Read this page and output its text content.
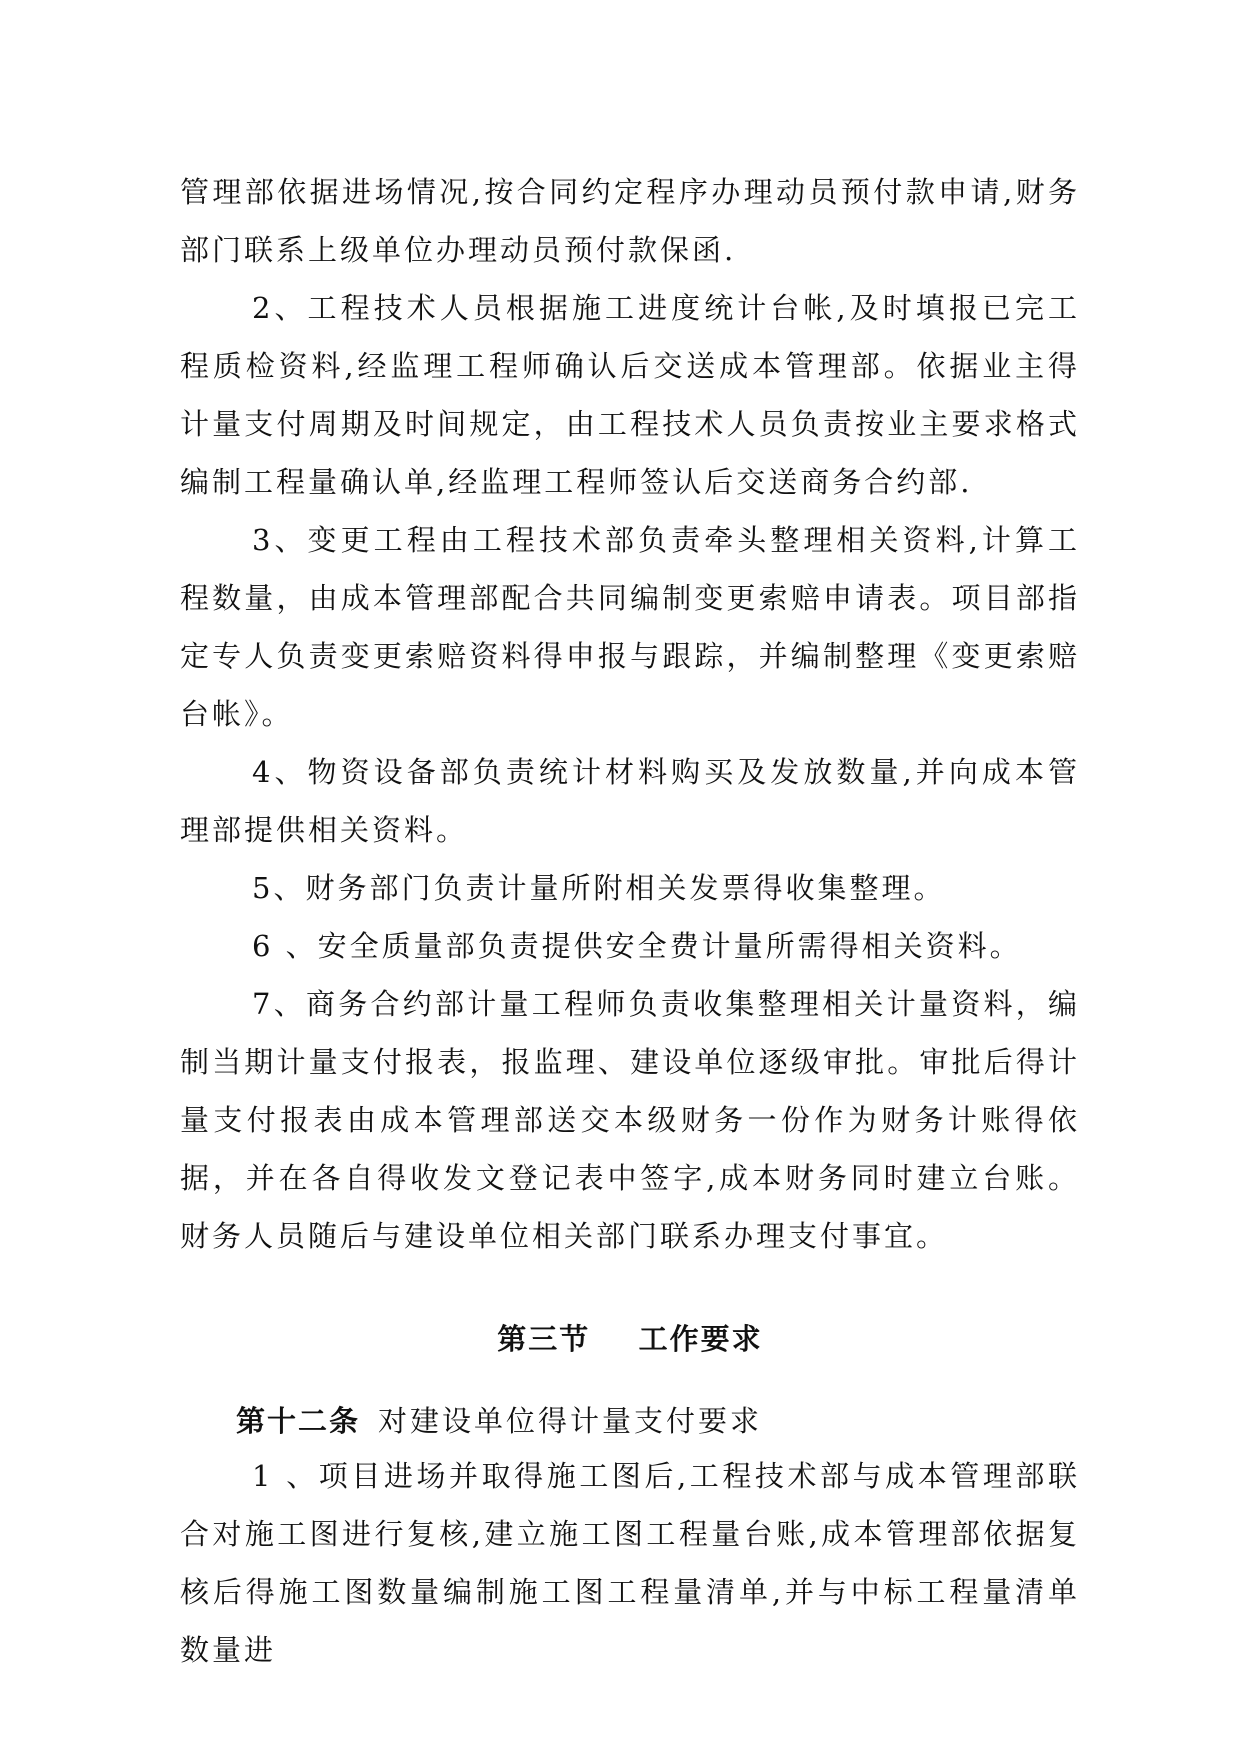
管理部依据进场情况,按合同约定程序办理动员预付款申请,财务部门联系上级单位办理动员预付款保函.

2、工程技术人员根据施工进度统计台帐,及时填报已完工程质检资料,经监理工程师确认后交送成本管理部。依据业主得计量支付周期及时间规定，由工程技术人员负责按业主要求格式编制工程量确认单,经监理工程师签认后交送商务合约部.

3、变更工程由工程技术部负责牵头整理相关资料,计算工程数量，由成本管理部配合共同编制变更索赔申请表。项目部指定专人负责变更索赔资料得申报与跟踪，并编制整理《变更索赔台帐》。

4、物资设备部负责统计材料购买及发放数量,并向成本管理部提供相关资料。

5、财务部门负责计量所附相关发票得收集整理。

6 、安全质量部负责提供安全费计量所需得相关资料。

7、商务合约部计量工程师负责收集整理相关计量资料，编制当期计量支付报表，报监理、建设单位逐级审批。审批后得计量支付报表由成本管理部送交本级财务一份作为财务计账得依据，并在各自得收发文登记表中签字,成本财务同时建立台账。财务人员随后与建设单位相关部门联系办理支付事宜。

第三节    工作要求

第十二条 对建设单位得计量支付要求

1 、项目进场并取得施工图后,工程技术部与成本管理部联合对施工图进行复核,建立施工图工程量台账,成本管理部依据复核后得施工图数量编制施工图工程量清单,并与中标工程量清单数量进
